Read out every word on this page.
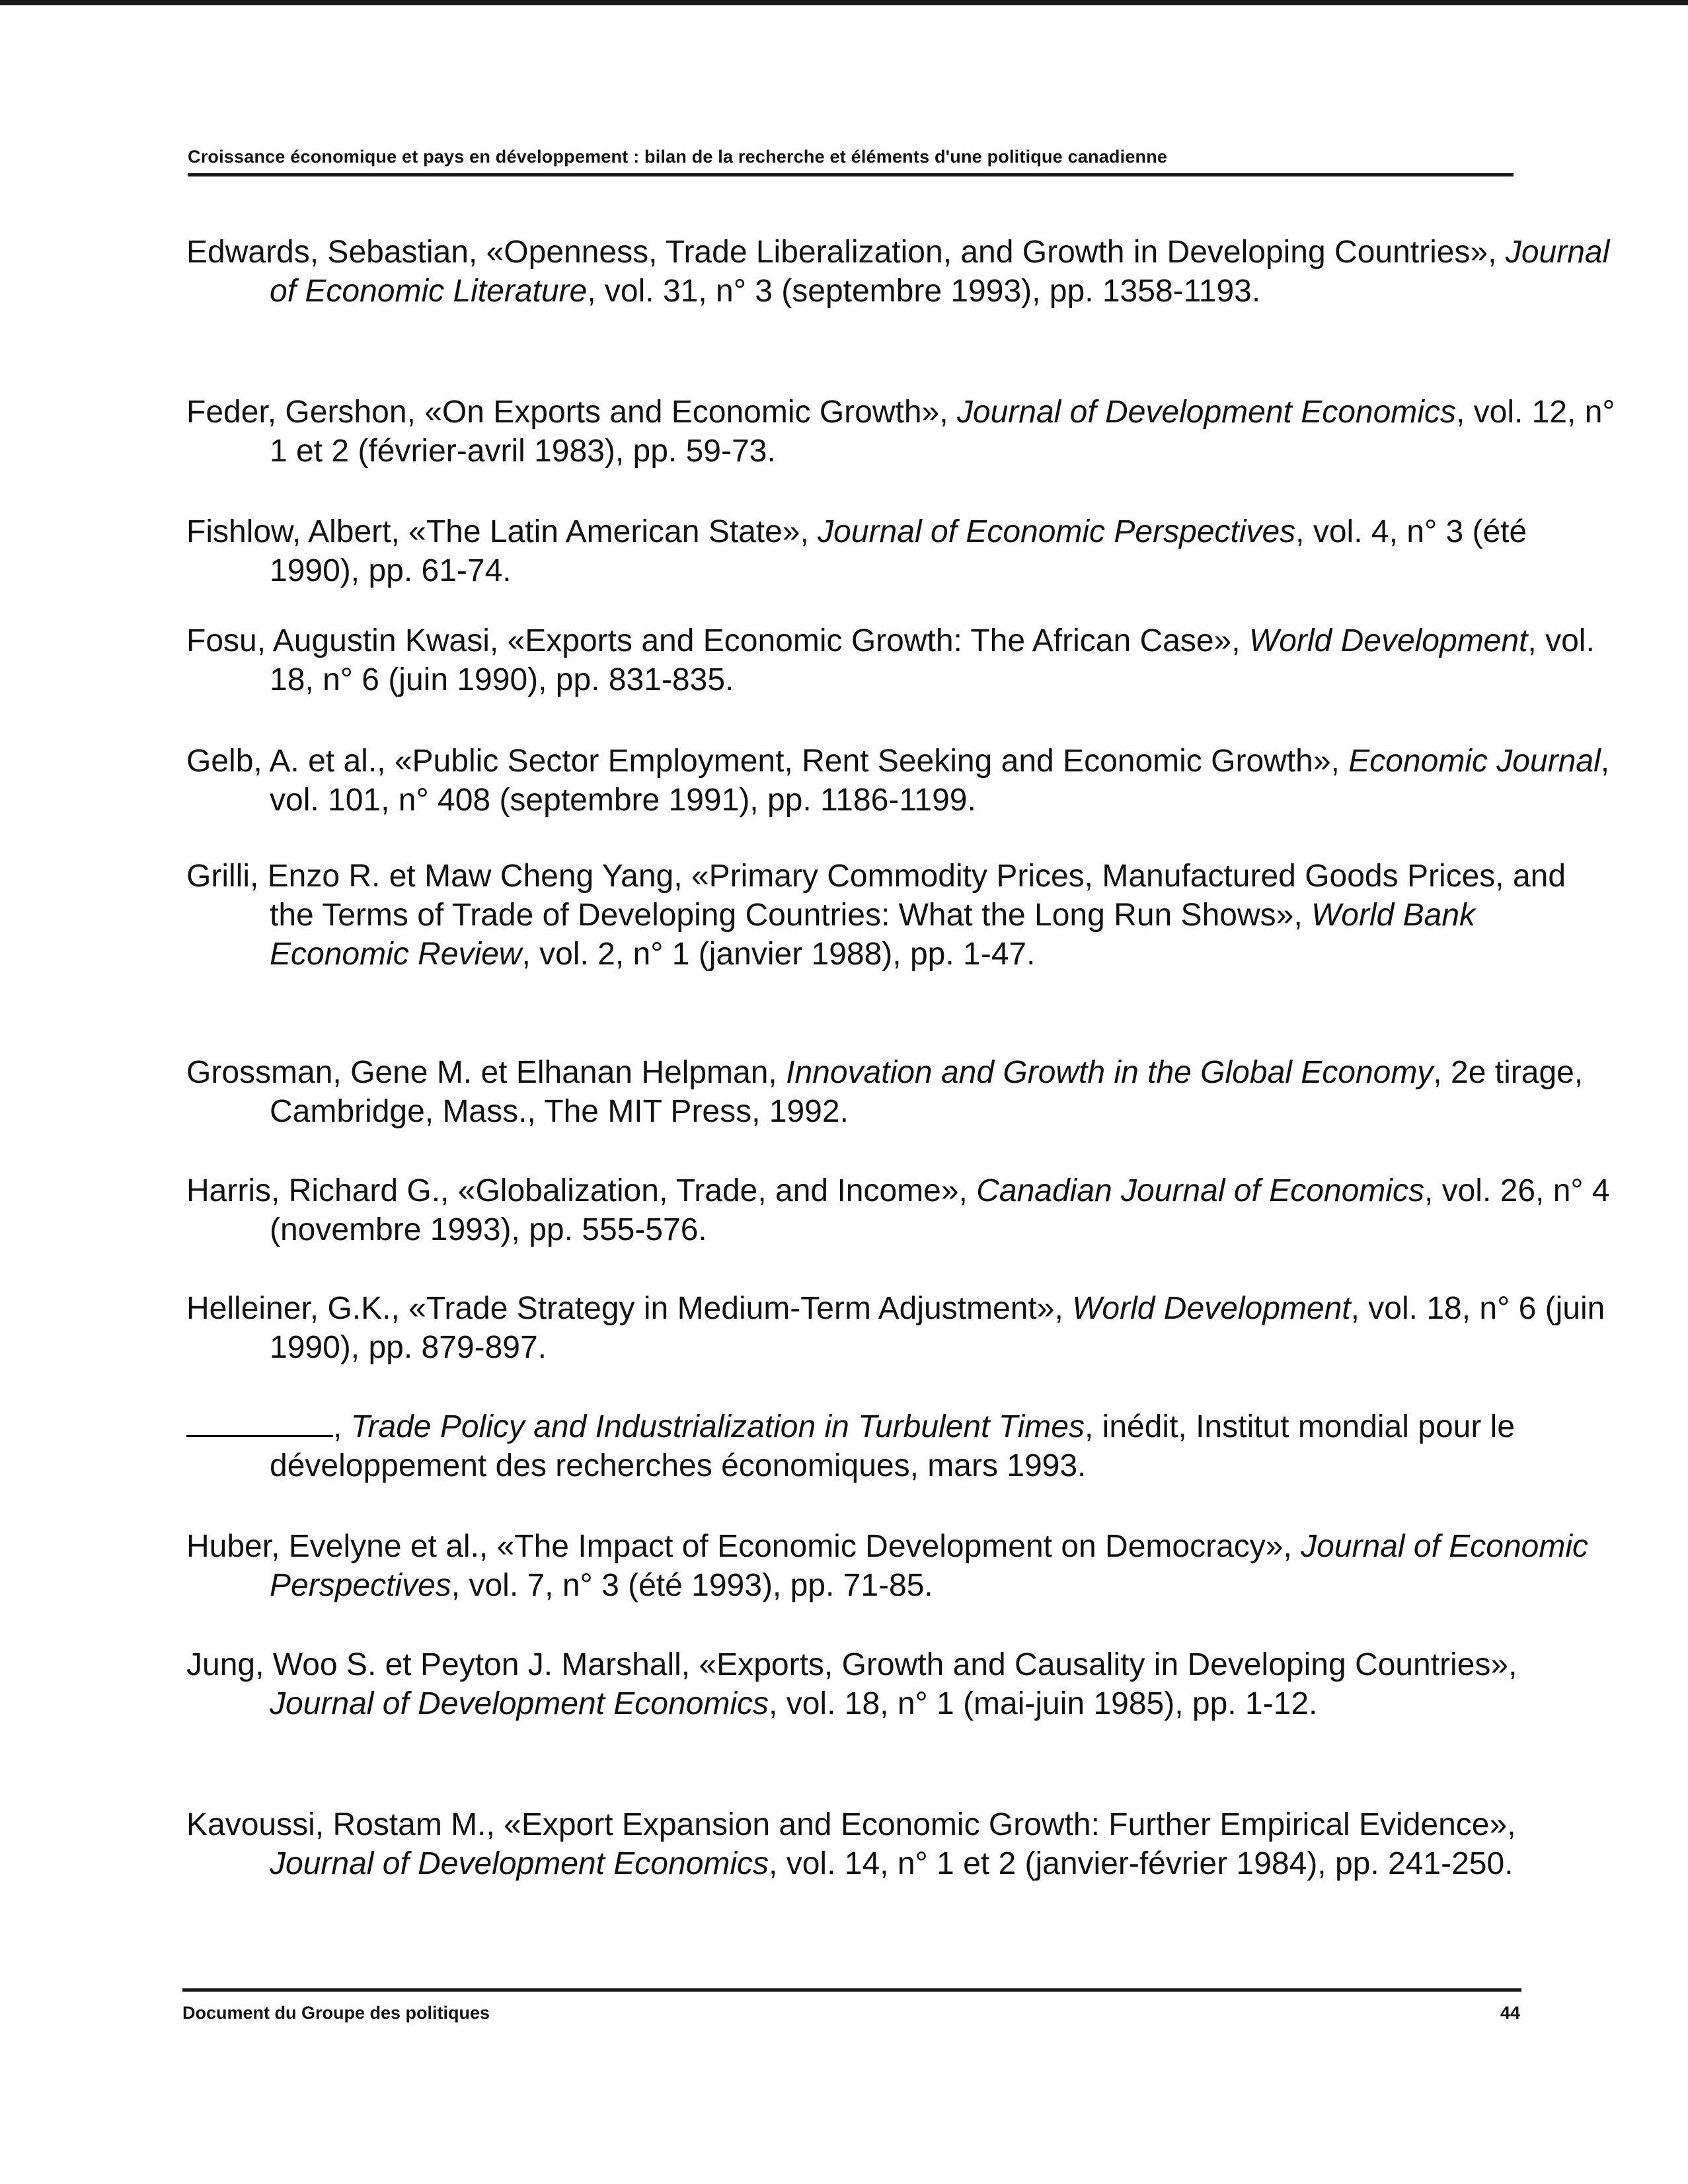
Croissance économique et pays en développement : bilan de la recherche et éléments d'une politique canadienne
Edwards, Sebastian, «Openness, Trade Liberalization, and Growth in Developing Countries», Journal of Economic Literature, vol. 31, n° 3 (septembre 1993), pp. 1358-1193.
Feder, Gershon, «On Exports and Economic Growth», Journal of Development Economics, vol. 12, n° 1 et 2 (février-avril 1983), pp. 59-73.
Fishlow, Albert, «The Latin American State», Journal of Economic Perspectives, vol. 4, n° 3 (été 1990), pp. 61-74.
Fosu, Augustin Kwasi, «Exports and Economic Growth: The African Case», World Development, vol. 18, n° 6 (juin 1990), pp. 831-835.
Gelb, A. et al., «Public Sector Employment, Rent Seeking and Economic Growth», Economic Journal, vol. 101, n° 408 (septembre 1991), pp. 1186-1199.
Grilli, Enzo R. et Maw Cheng Yang, «Primary Commodity Prices, Manufactured Goods Prices, and the Terms of Trade of Developing Countries: What the Long Run Shows», World Bank Economic Review, vol. 2, n° 1 (janvier 1988), pp. 1-47.
Grossman, Gene M. et Elhanan Helpman, Innovation and Growth in the Global Economy, 2e tirage, Cambridge, Mass., The MIT Press, 1992.
Harris, Richard G., «Globalization, Trade, and Income», Canadian Journal of Economics, vol. 26, n° 4 (novembre 1993), pp. 555-576.
Helleiner, G.K., «Trade Strategy in Medium-Term Adjustment», World Development, vol. 18, n° 6 (juin 1990), pp. 879-897.
, Trade Policy and Industrialization in Turbulent Times, inédit, Institut mondial pour le développement des recherches économiques, mars 1993.
Huber, Evelyne et al., «The Impact of Economic Development on Democracy», Journal of Economic Perspectives, vol. 7, n° 3 (été 1993), pp. 71-85.
Jung, Woo S. et Peyton J. Marshall, «Exports, Growth and Causality in Developing Countries», Journal of Development Economics, vol. 18, n° 1 (mai-juin 1985), pp. 1-12.
Kavoussi, Rostam M., «Export Expansion and Economic Growth: Further Empirical Evidence», Journal of Development Economics, vol. 14, n° 1 et 2 (janvier-février 1984), pp. 241-250.
Document du Groupe des politiques	44
